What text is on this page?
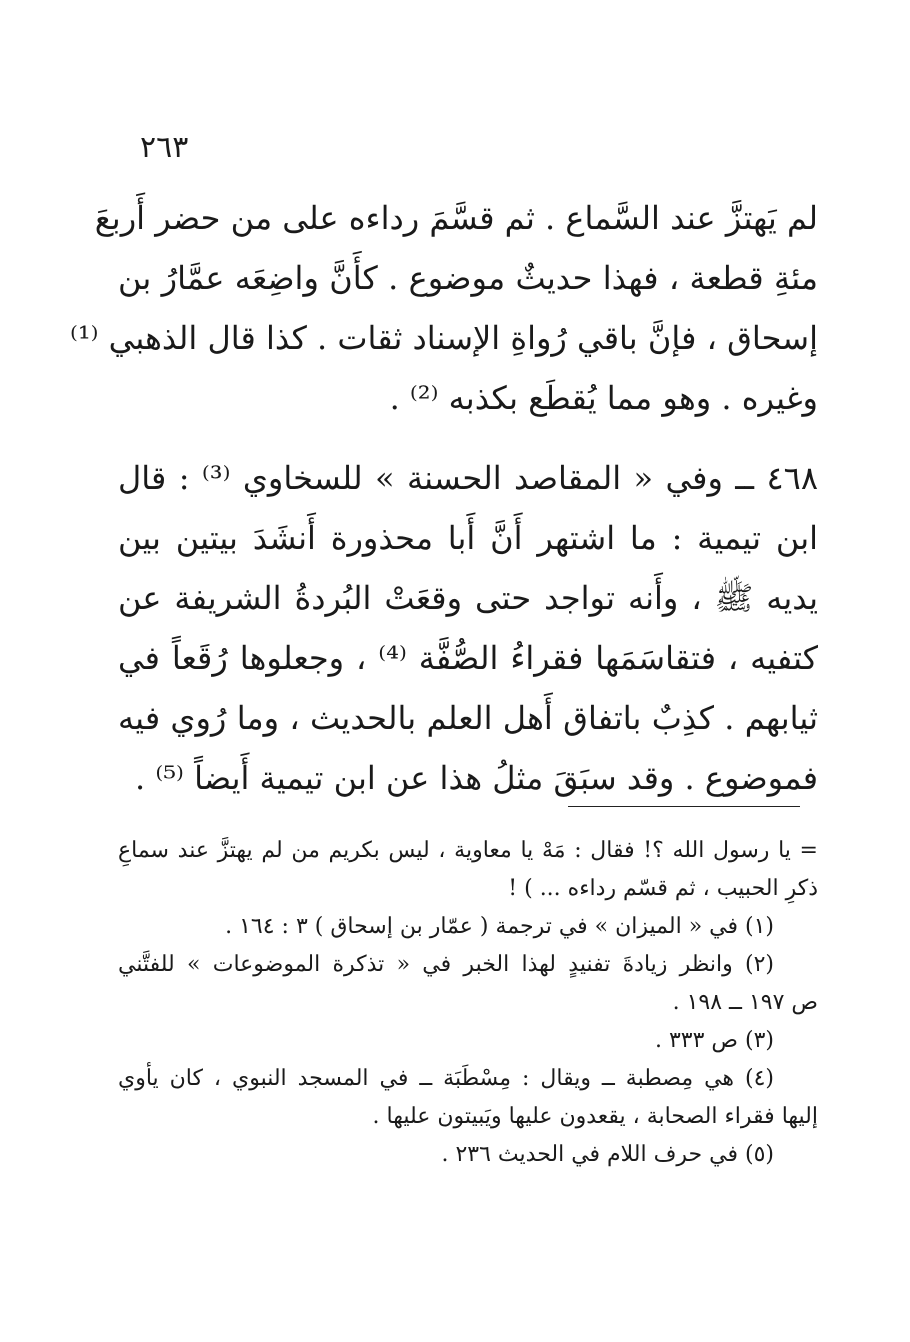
٢٦٣
لم يَهتزَّ عند السَّماع . ثم قسَّمَ رداءه على من حضر أَربعَ
مئةِ قطعة ، فهذا حديثٌ موضوع . كأَنَّ واضِعَه عمَّارُ بن
إسحاق ، فإنَّ باقي رُواةِ الإسناد ثقات . كذا قال الذهبي ⁽¹⁾
وغيره . وهو مما يُقطَع بكذبه ⁽²⁾ .
٤٦٨ ــ وفي « المقاصد الحسنة » للسخاوي ⁽³⁾ : قال
ابن تيمية : ما اشتهر أَنَّ أَبا محذورة أَنشَدَ بيتين بين
يديه ﷺ ، وأَنه تواجد حتى وقعَتْ البُردةُ الشريفة عن
كتفيه ، فتقاسَمَها فقراءُ الصُّفَّة ⁽⁴⁾ ، وجعلوها رُقَعاً في
ثيابهم . كذِبٌ باتفاق أَهل العلم بالحديث ، وما رُوي فيه
فموضوع . وقد سبَقَ مثلُ هذا عن ابن تيمية أَيضاً ⁽⁵⁾ .
= يا رسول الله ؟! فقال : مَهْ يا معاوية ، ليس بكريم من لم يهتزَّ عند سماعِ
ذكرِ الحبيب ، ثم قسّم رداءه ... ) !
(١) في « الميزان » في ترجمة ( عمّار بن إسحاق ) ٣ : ١٦٤ .
(٢) وانظر زيادةَ تفنيدٍ لهذا الخبر في « تذكرة الموضوعات » للفتَّني
ص ١٩٧ ــ ١٩٨ .
(٣) ص ٣٣٣ .
(٤) هي مِصطبة ــ ويقال : مِسْطَبَة ــ في المسجد النبوي ، كان يأوي
إليها فقراء الصحابة ، يقعدون عليها ويَبيتون عليها .
(٥) في حرف اللام في الحديث ٢٣٦ .
